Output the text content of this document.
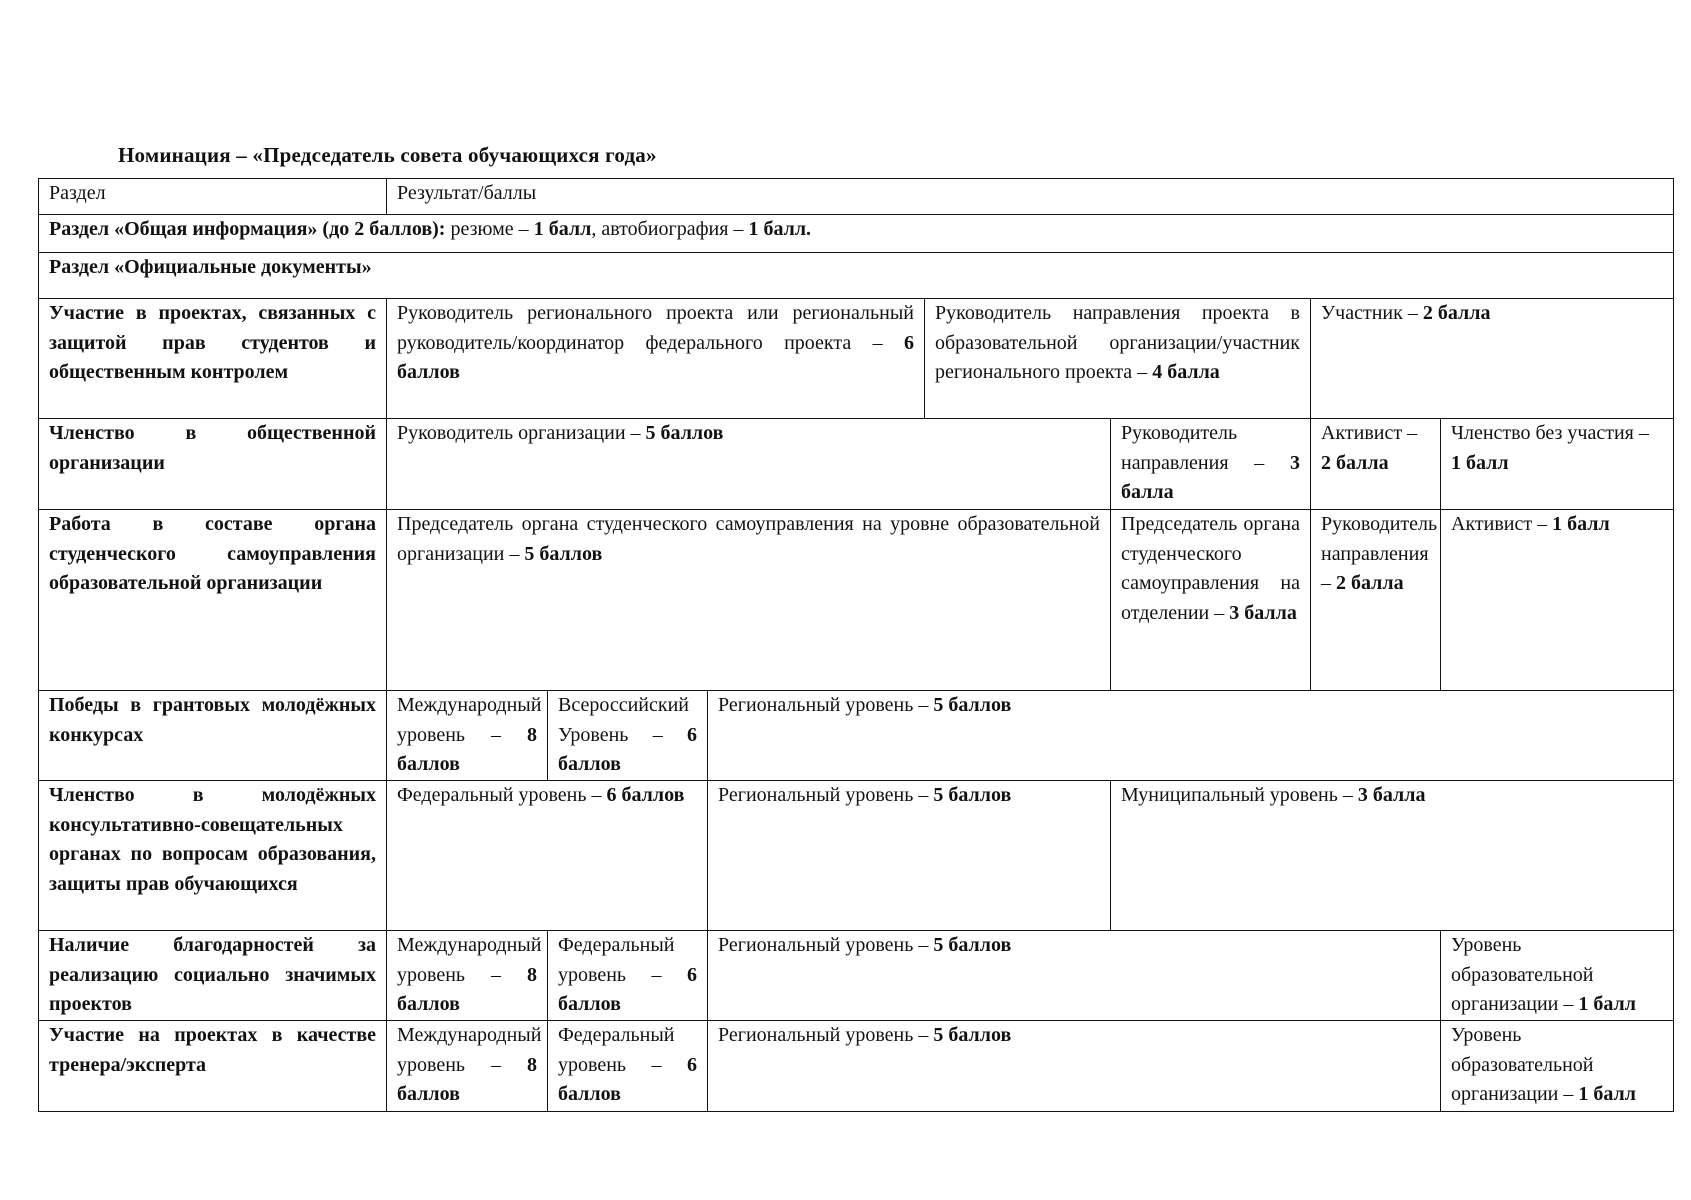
Номинация – «Председатель совета обучающихся года»
Раздел	Результат/баллы						
Раздел «Общая информация» (до 2 баллов): резюме – 1 балл, автобиография – 1 балл.							
Раздел «Официальные документы»							
Участие в проектах, связанных с защитой прав студентов и общественным контролем	Руководитель регионального проекта или региональный руководитель/координатор федерального проекта – 6 баллов			Руководитель направления проекта в образовательной организации/участник регионального проекта – 4 балла		Участник – 2 балла	
Членство в общественной организации	Руководитель организации – 5 баллов				Руководитель направления – 3 балла	Активист – 2 балла	Членство без участия – 1 балл
Работа в составе органа студенческого самоуправления образовательной организации	Председатель органа студенческого самоуправления на уровне образовательной организации – 5 баллов				Председатель органа студенческого самоуправления на отделении – 3 балла	Руководитель направления – 2 балла	Активист – 1 балл
Победы в грантовых молодёжных конкурсах	Международный уровень – 8 баллов	Всероссийский Уровень – 6 баллов	Региональный уровень – 5 баллов				
Членство в молодёжных консультативно-совещательных органах по вопросам образования, защиты прав обучающихся	Федеральный уровень – 6 баллов		Региональный уровень – 5 баллов		Муниципальный уровень – 3 балла		
Наличие благодарностей за реализацию социально значимых проектов	Международный уровень – 8 баллов	Федеральный уровень – 6 баллов	Региональный уровень – 5 баллов				Уровень образовательной организации – 1 балл
Участие на проектах в качестве тренера/эксперта	Международный уровень – 8 баллов	Федеральный уровень – 6 баллов	Региональный уровень – 5 баллов				Уровень образовательной организации – 1 балл
